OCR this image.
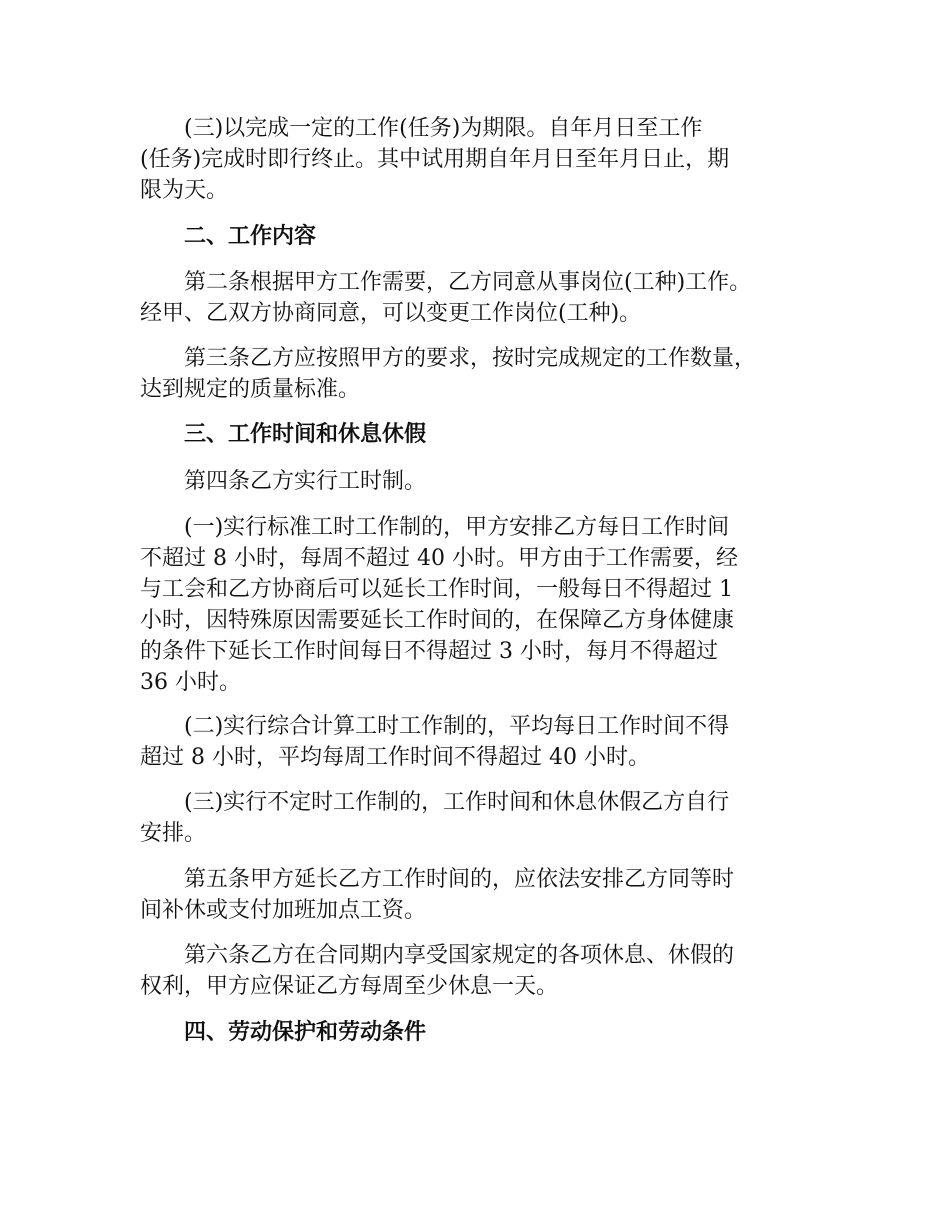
(三)以完成一定的工作(任务)为期限。自年月日至工作
(任务)完成时即行终止。其中试用期自年月日至年月日止，期
限为天。

二、工作内容

第二条根据甲方工作需要，乙方同意从事岗位(工种)工作。
经甲、乙双方协商同意，可以变更工作岗位(工种)。

第三条乙方应按照甲方的要求，按时完成规定的工作数量，
达到规定的质量标准。

三、工作时间和休息休假

第四条乙方实行工时制。

(一)实行标准工时工作制的，甲方安排乙方每日工作时间
不超过 8 小时，每周不超过 40 小时。甲方由于工作需要，经
与工会和乙方协商后可以延长工作时间，一般每日不得超过 1
小时，因特殊原因需要延长工作时间的，在保障乙方身体健康
的条件下延长工作时间每日不得超过 3 小时，每月不得超过
36 小时。

(二)实行综合计算工时工作制的，平均每日工作时间不得
超过 8 小时，平均每周工作时间不得超过 40 小时。

(三)实行不定时工作制的，工作时间和休息休假乙方自行
安排。

第五条甲方延长乙方工作时间的，应依法安排乙方同等时
间补休或支付加班加点工资。

第六条乙方在合同期内享受国家规定的各项休息、休假的
权利，甲方应保证乙方每周至少休息一天。

四、劳动保护和劳动条件
